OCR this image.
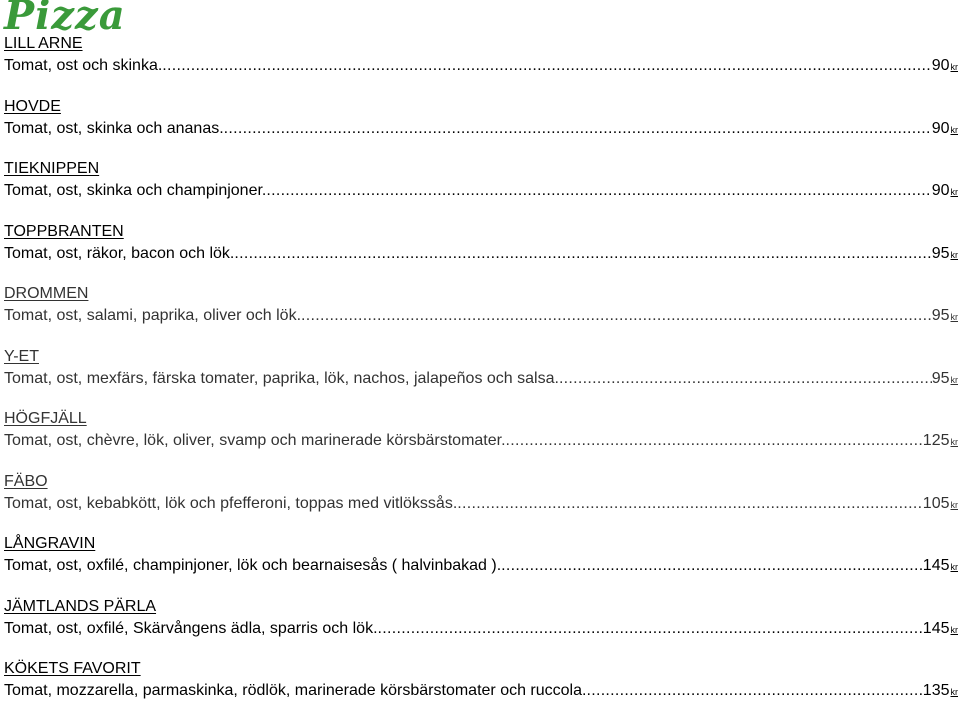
Pizza
LILL ARNE
Tomat, ost och skinka. .....	90 kr
HOVDE
Tomat, ost, skinka och ananas. .....	90 kr
TIEKNIPPEN
Tomat, ost, skinka och champinjoner. .....	90 kr
TOPPBRANTEN
Tomat, ost, räkor, bacon och lök. .....	95 kr
DROMMEN
Tomat, ost, salami, paprika, oliver och lök. .....	95 kr
Y-ET
Tomat, ost, mexfärs, färska tomater, paprika, lök, nachos, jalapeños och salsa. .....	95 kr
HÖGFJÄLL
Tomat, ost, chèvre, lök, oliver, svamp och marinerade körsbärstomater. .....	125 kr
FÄBO
Tomat, ost, kebabkött, lök och pfefferoni, toppas med vitlökssås. .....	105 kr
LÅNGRAVIN
Tomat, ost, oxfilé, champinjoner, lök och bearnaisesås ( halvinbakad ). .....	145 kr
JÄMTLANDS PÄRLA
Tomat, ost, oxfilé, Skärvångens ädla, sparris och lök. .....	145 kr
KÖKETS FAVORIT
Tomat, mozzarella, parmaskinka, rödlök, marinerade körsbärstomater och ruccola. .....	135 kr
